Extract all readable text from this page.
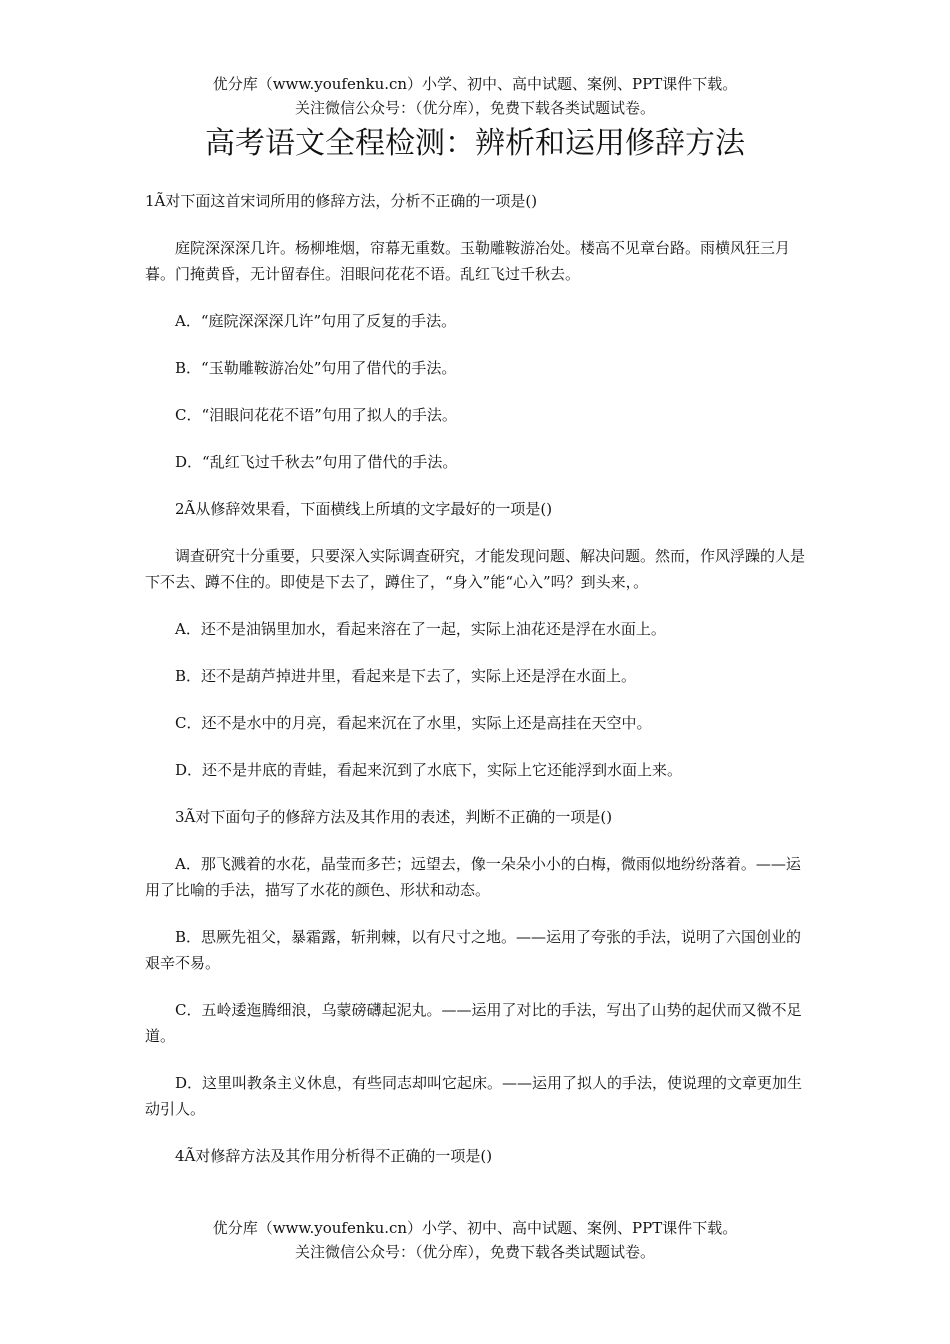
优分库（www.youfenku.cn）小学、初中、高中试题、案例、PPT课件下载。
关注微信公众号：（优分库），免费下载各类试题试卷。
高考语文全程检测：辨析和运用修辞方法

1Ã对下面这首宋词所用的修辞方法，分析不正确的一项是()

庭院深深深几许。杨柳堆烟，帘幕无重数。玉勒雕鞍游冶处。楼高不见章台路。雨横风狂三月暮。门掩黄昏，无计留春住。泪眼问花花不语。乱红飞过千秋去。

A．“庭院深深深几许”句用了反复的手法。

B．“玉勒雕鞍游冶处”句用了借代的手法。

C．“泪眼问花花不语”句用了拟人的手法。

D．“乱红飞过千秋去”句用了借代的手法。

2Ã从修辞效果看，下面横线上所填的文字最好的一项是()

调查研究十分重要，只要深入实际调查研究，才能发现问题、解决问题。然而，作风浮躁的人是下不去、蹲不住的。即使是下去了，蹲住了，“身入”能“心入”吗？到头来，。

A．还不是油锅里加水，看起来溶在了一起，实际上油花还是浮在水面上。

B．还不是葫芦掉进井里，看起来是下去了，实际上还是浮在水面上。

C．还不是水中的月亮，看起来沉在了水里，实际上还是高挂在天空中。

D．还不是井底的青蛙，看起来沉到了水底下，实际上它还能浮到水面上来。

3Ã对下面句子的修辞方法及其作用的表述，判断不正确的一项是()

A．那飞溅着的水花，晶莹而多芒；远望去，像一朵朵小小的白梅，微雨似地纷纷落着。——运用了比喻的手法，描写了水花的颜色、形状和动态。

B．思厥先祖父，暴霜露，斩荆棘，以有尺寸之地。——运用了夸张的手法，说明了六国创业的艰辛不易。

C．五岭逶迤腾细浪，乌蒙磅礴起泥丸。——运用了对比的手法，写出了山势的起伏而又微不足道。

D．这里叫教条主义休息，有些同志却叫它起床。——运用了拟人的手法，使说理的文章更加生动引人。

4Ã对修辞方法及其作用分析得不正确的一项是()

优分库（www.youfenku.cn）小学、初中、高中试题、案例、PPT课件下载。
关注微信公众号：（优分库），免费下载各类试题试卷。
